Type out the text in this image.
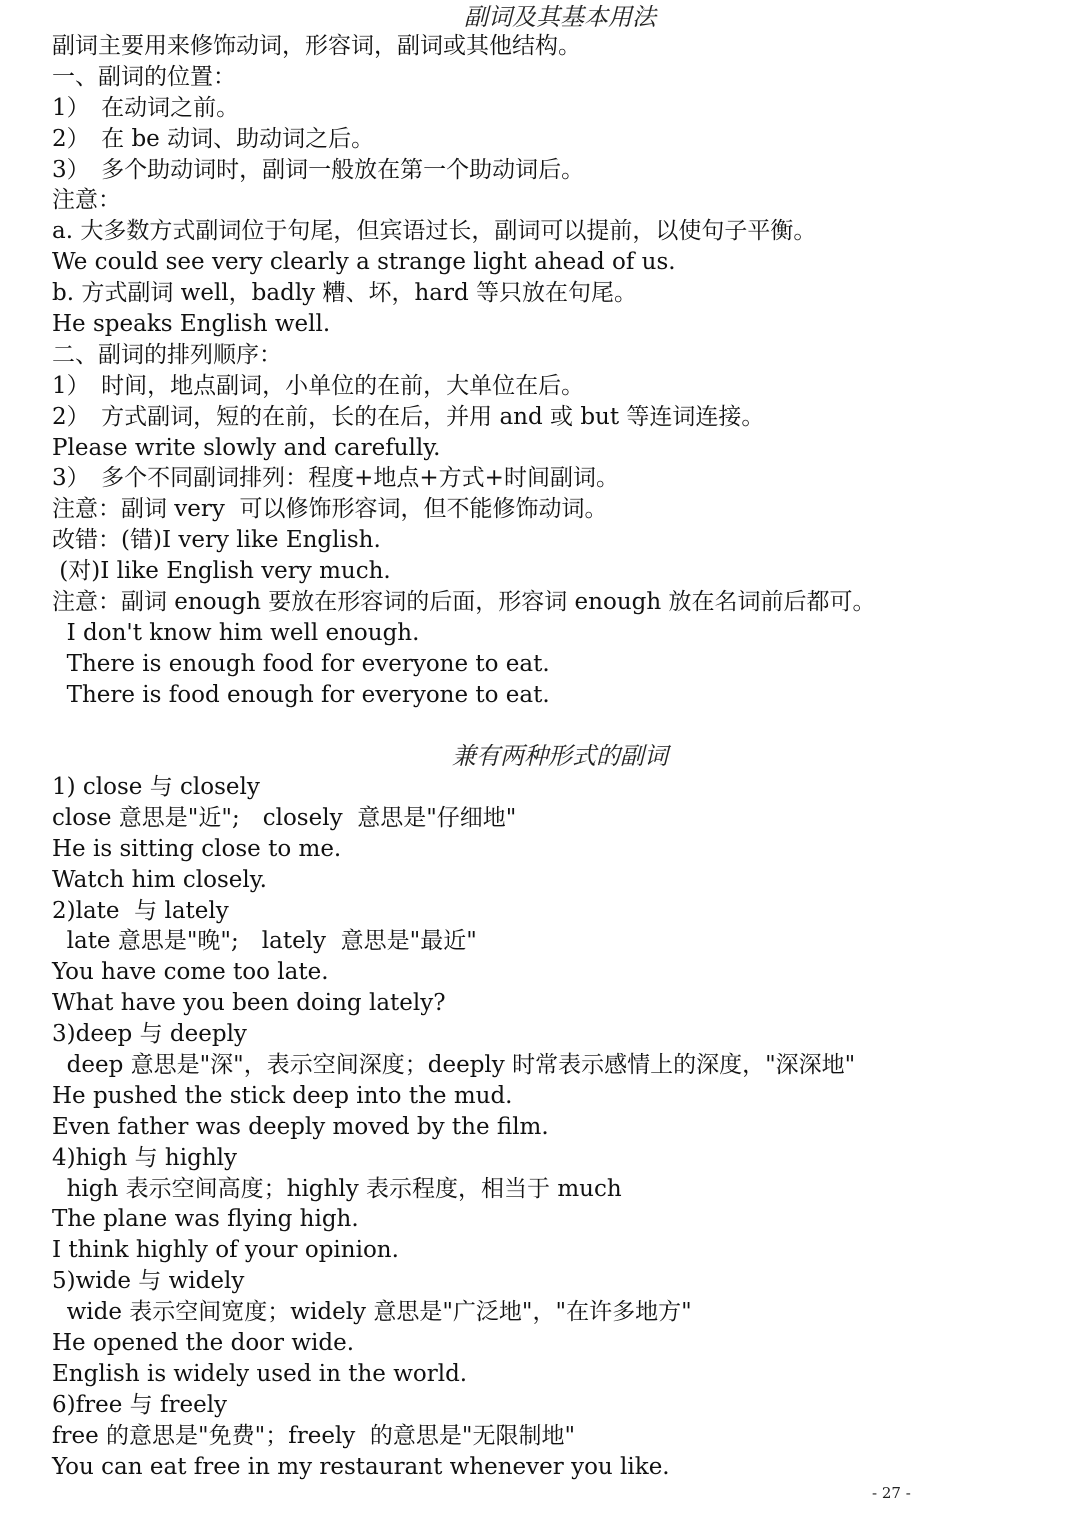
副词及其基本用法
副词主要用来修饰动词，形容词，副词或其他结构。
一、副词的位置：
1）　在动词之前。
2）　在 be 动词、助动词之后。
3）　多个助动词时，副词一般放在第一个助动词后。
注意：
a. 大多数方式副词位于句尾，但宾语过长，副词可以提前，以使句子平衡。
We could see very clearly a strange light ahead of us.
b. 方式副词 well，badly 糟、坏，hard 等只放在句尾。
He speaks English well.
二、副词的排列顺序：
1）　时间，地点副词，小单位的在前，大单位在后。
2）　方式副词，短的在前，长的在后，并用 and 或 but 等连词连接。
Please write slowly and carefully.
3）　多个不同副词排列：程度+地点+方式+时间副词。
注意：副词 very  可以修饰形容词，但不能修饰动词。
改错：(错)I very like English.
(对)I like English very much.
注意：副词 enough 要放在形容词的后面，形容词 enough 放在名词前后都可。
I don't know him well enough.
There is enough food for everyone to eat.
There is food enough for everyone to eat.
兼有两种形式的副词
1) close 与 closely
close 意思是"近";　closely  意思是"仔细地"
He is sitting close to me.
Watch him closely.
2)late  与 lately
late 意思是"晚";　lately  意思是"最近"
You have come too late.
What have you been doing lately?
3)deep 与 deeply
deep 意思是"深"，表示空间深度；deeply 时常表示感情上的深度，"深深地"
He pushed the stick deep into the mud.
Even father was deeply moved by the film.
4)high 与 highly
high 表示空间高度；highly 表示程度，相当于 much
The plane was flying high.
I think highly of your opinion.
5)wide 与 widely
wide 表示空间宽度；widely 意思是"广泛地"，"在许多地方"
He opened the door wide.
English is widely used in the world.
6)free 与 freely
free 的意思是"免费"；freely  的意思是"无限制地"
You can eat free in my restaurant whenever you like.
- 27 -
